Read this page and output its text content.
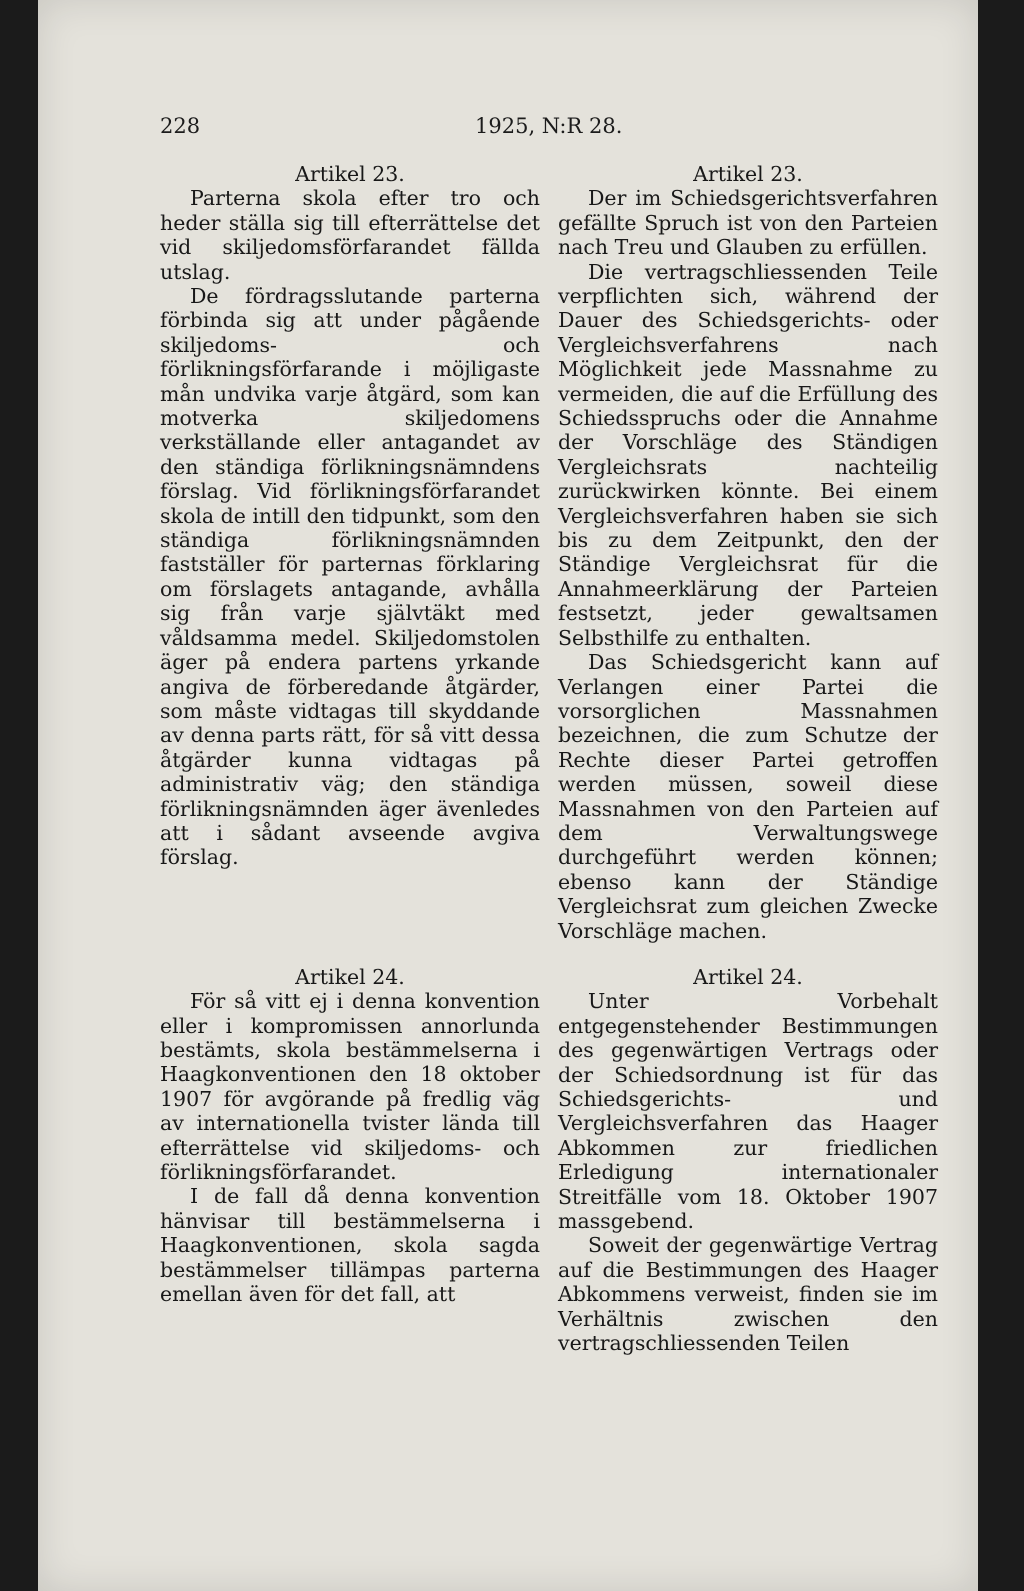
228	1925, N:R 28.

Artikel 23.

Parterna skola efter tro och heder ställa sig till efterrättelse det vid skiljedomsförfarandet fällda utslag.

De fördragsslutande parterna förbinda sig att under pågående skiljedoms- och förlikningsförfarande i möjligaste mån undvika varje åtgärd, som kan motverka skiljedomens verkställande eller antagandet av den ständiga förlikningsnämndens förslag. Vid förlikningsförfarandet skola de intill den tidpunkt, som den ständiga förlikningsnämnden fastställer för parternas förklaring om förslagets antagande, avhålla sig från varje självtäkt med våldsamma medel. Skiljedomstolen äger på endera partens yrkande angiva de förberedande åtgärder, som måste vidtagas till skyddande av denna parts rätt, för så vitt dessa åtgärder kunna vidtagas på administrativ väg; den ständiga förlikningsnämnden äger ävenledes att i sådant avseende avgiva förslag.

Artikel 24.

För så vitt ej i denna konvention eller i kompromissen annorlunda bestämts, skola bestämmelserna i Haagkonventionen den 18 oktober 1907 för avgörande på fredlig väg av internationella tvister lända till efterrättelse vid skiljedoms- och förlikningsförfarandet.

I de fall då denna konvention hänvisar till bestämmelserna i Haagkonventionen, skola sagda bestämmelser tillämpas parterna emellan även för det fall, att

Artikel 23.

Der im Schiedsgerichtsverfahren gefällte Spruch ist von den Parteien nach Treu und Glauben zu erfüllen.

Die vertragschliessenden Teile verpflichten sich, während der Dauer des Schiedsgerichts- oder Vergleichsverfahrens nach Möglichkeit jede Massnahme zu vermeiden, die auf die Erfüllung des Schiedsspruchs oder die Annahme der Vorschläge des Ständigen Vergleichsrats nachteilig zurückwirken könnte. Bei einem Vergleichsverfahren haben sie sich bis zu dem Zeitpunkt, den der Ständige Vergleichsrat für die Annahmeerklärung der Parteien festsetzt, jeder gewaltsamen Selbsthilfe zu enthalten.

Das Schiedsgericht kann auf Verlangen einer Partei die vorsorglichen Massnahmen bezeichnen, die zum Schutze der Rechte dieser Partei getroffen werden müssen, soweil diese Massnahmen von den Parteien auf dem Verwaltungswege durchgeführt werden können; ebenso kann der Ständige Vergleichsrat zum gleichen Zwecke Vorschläge machen.

Artikel 24.

Unter Vorbehalt entgegenstehender Bestimmungen des gegenwärtigen Vertrags oder der Schiedsordnung ist für das Schiedsgerichts- und Vergleichsverfahren das Haager Abkommen zur friedlichen Erledigung internationaler Streitfälle vom 18. Oktober 1907 massgebend.

Soweit der gegenwärtige Vertrag auf die Bestimmungen des Haager Abkommens verweist, finden sie im Verhältnis zwischen den vertragschliessenden Teilen
